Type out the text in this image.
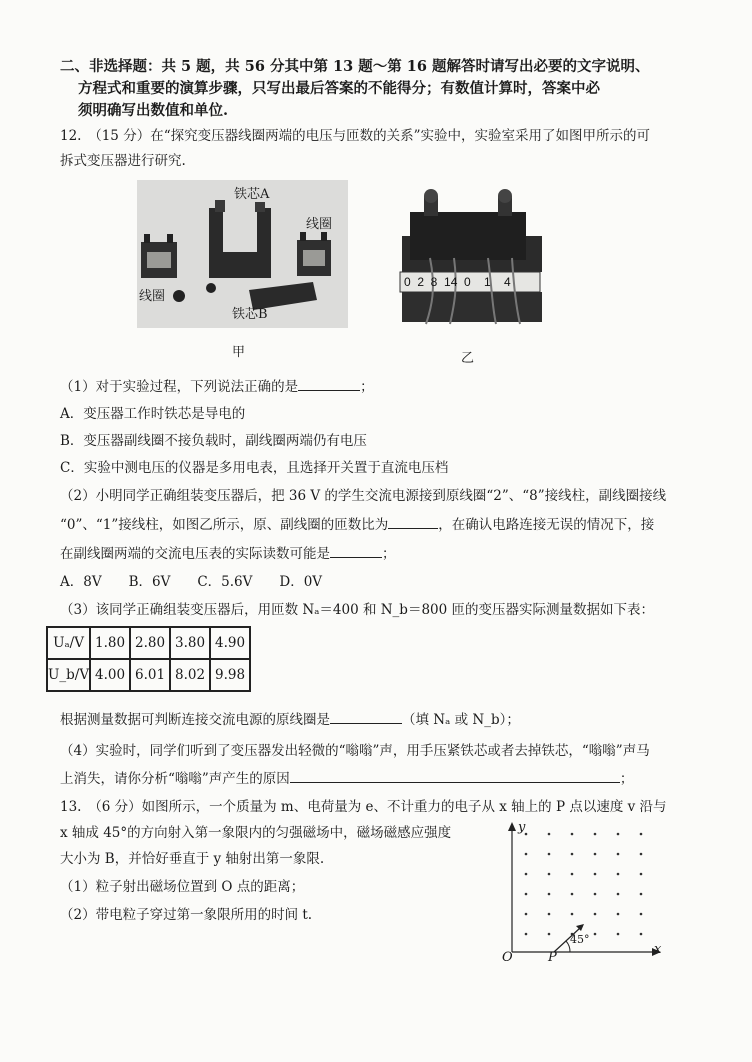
二、非选择题：共 5 题，共 56 分其中第 13 题～第 16 题解答时请写出必要的文字说明、
方程式和重要的演算步骤，只写出最后答案的不能得分；有数值计算时，答案中必
须明确写出数值和单位.
12.　（15 分）在“探究变压器线圈两端的电压与匝数的关系”实验中，实验室采用了如图甲所示的可
拆式变压器进行研究.
铁芯A
线圈
线圈
铁芯B
甲
0  2  8  14  0    1    4
乙
（1）对于实验过程，下列说法正确的是	；
A．变压器工作时铁芯是导电的
B．变压器副线圈不接负载时，副线圈两端仍有电压
C．实验中测电压的仪器是多用电表，且选择开关置于直流电压档
（2）小明同学正确组装变压器后，把 36 V 的学生交流电源接到原线圈“2”、“8”接线柱，副线圈接线
“0”、“1”接线柱，如图乙所示，原、副线圈的匝数比为	，在确认电路连接无误的情况下，接
在副线圈两端的交流电压表的实际读数可能是	；
A．8V　　B．6V　　C．5.6V　　D．0V
（3）该同学正确组装变压器后，用匝数 Nₐ＝400 和 N_b＝800 匝的变压器实际测量数据如下表：
Uₐ/V	1.80	2.80	3.80	4.90
U_b/V	4.00	6.01	8.02	9.98
根据测量数据可判断连接交流电源的原线圈是	（填 Nₐ 或 N_b）；
（4）实验时，同学们听到了变压器发出轻微的“嗡嗡”声，用手压紧铁芯或者去掉铁芯，“嗡嗡”声马
上消失，请你分析“嗡嗡”声产生的原因	；
13.　（6 分）如图所示，一个质量为 m、电荷量为 e、不计重力的电子从 x 轴上的 P 点以速度 v 沿与
x 轴成 45°的方向射入第一象限内的匀强磁场中，磁场磁感应强度
大小为 B，并恰好垂直于 y 轴射出第一象限.
（1）粒子射出磁场位置到 O 点的距离；
（2）带电粒子穿过第一象限所用的时间 t.
y
x
O	P
45°
